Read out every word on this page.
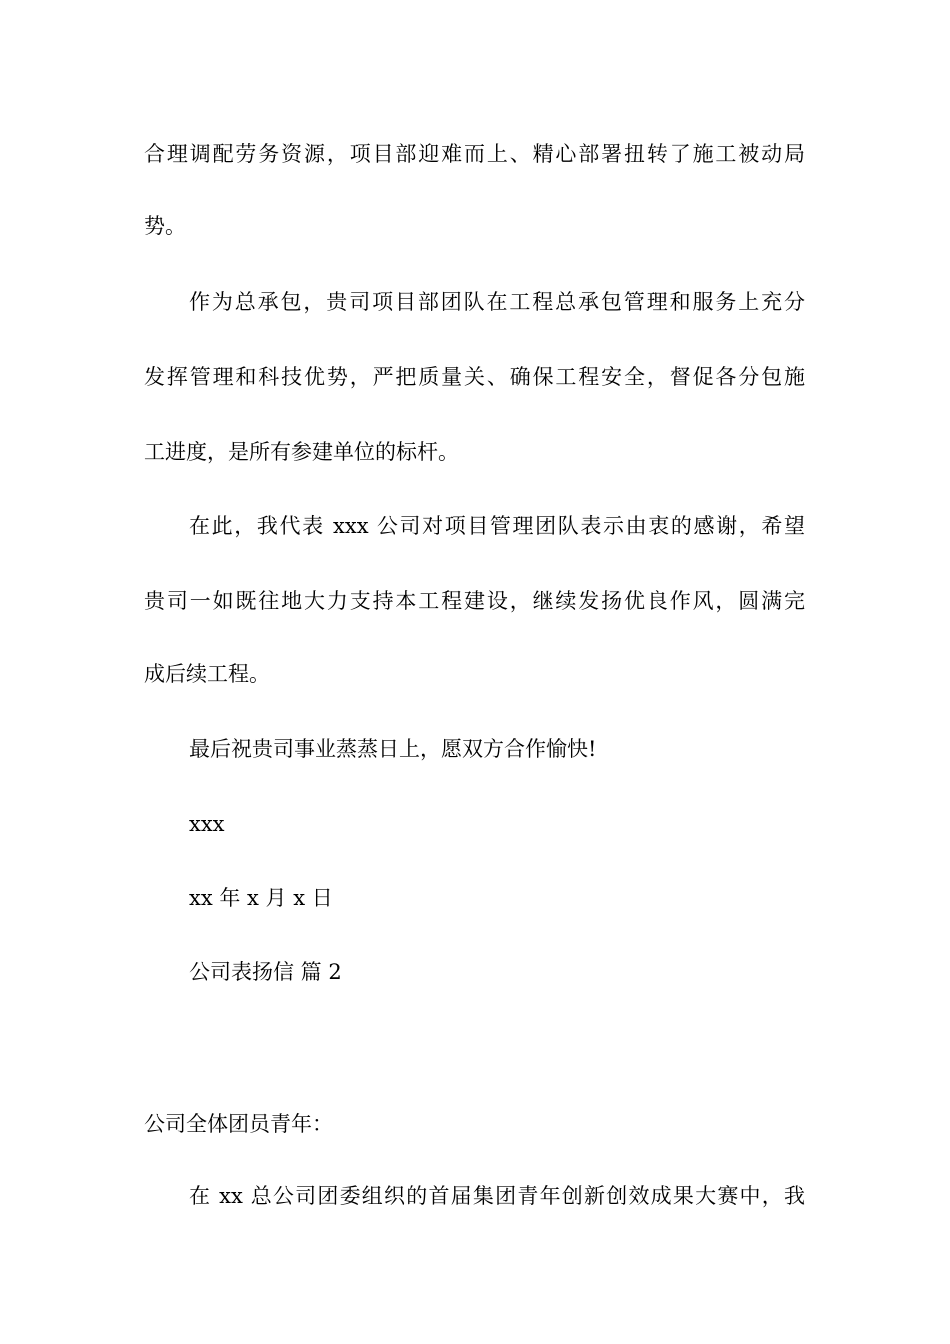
合理调配劳务资源，项目部迎难而上、精心部署扭转了施工被动局

势。

作为总承包，贵司项目部团队在工程总承包管理和服务上充分

发挥管理和科技优势，严把质量关、确保工程安全，督促各分包施

工进度，是所有参建单位的标杆。

在此，我代表 xxx 公司对项目管理团队表示由衷的感谢，希望

贵司一如既往地大力支持本工程建设，继续发扬优良作风，圆满完

成后续工程。

最后祝贵司事业蒸蒸日上，愿双方合作愉快!

xxx

xx 年 x 月 x 日

公司表扬信 篇 2

公司全体团员青年：

在 xx 总公司团委组织的首届集团青年创新创效成果大赛中，我
